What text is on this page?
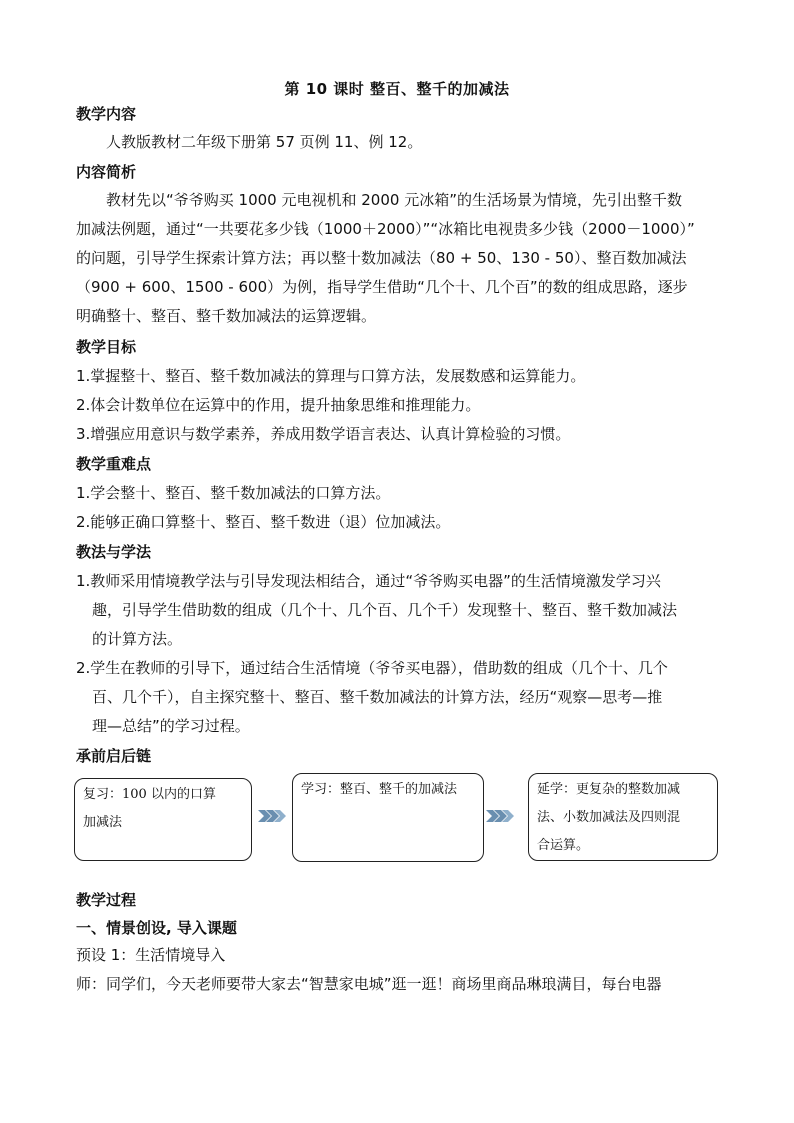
第 10 课时 整百、整千的加减法
教学内容
人教版教材二年级下册第 57 页例 11、例 12。
内容简析
教材先以“爷爷购买 1000 元电视机和 2000 元冰箱”的生活场景为情境，先引出整千数
加减法例题，通过“一共要花多少钱（1000＋2000）”“冰箱比电视贵多少钱（2000－1000）”
的问题，引导学生探索计算方法；再以整十数加减法（80 + 50、130 - 50）、整百数加减法
（900 + 600、1500 - 600）为例，指导学生借助“几个十、几个百”的数的组成思路，逐步
明确整十、整百、整千数加减法的运算逻辑。
教学目标
1.掌握整十、整百、整千数加减法的算理与口算方法，发展数感和运算能力。
2.体会计数单位在运算中的作用，提升抽象思维和推理能力。
3.增强应用意识与数学素养，养成用数学语言表达、认真计算检验的习惯。
教学重难点
1.学会整十、整百、整千数加减法的口算方法。
2.能够正确口算整十、整百、整千数进（退）位加减法。
教法与学法
1.教师采用情境教学法与引导发现法相结合，通过“爷爷购买电器”的生活情境激发学习兴
趣，引导学生借助数的组成（几个十、几个百、几个千）发现整十、整百、整千数加减法
的计算方法。
2.学生在教师的引导下，通过结合生活情境（爷爷买电器），借助数的组成（几个十、几个
百、几个千），自主探究整十、整百、整千数加减法的计算方法，经历“观察—思考—推
理—总结”的学习过程。
承前启后链
复习：100 以内的口算
加减法
学习：整百、整千的加减法	延学：更复杂的整数加减
法、小数加减法及四则混
合运算。
教学过程
一、情景创设, 导入课题
预设 1：生活情境导入
师：同学们，今天老师要带大家去“智慧家电城”逛一逛！商场里商品琳琅满目，每台电器
